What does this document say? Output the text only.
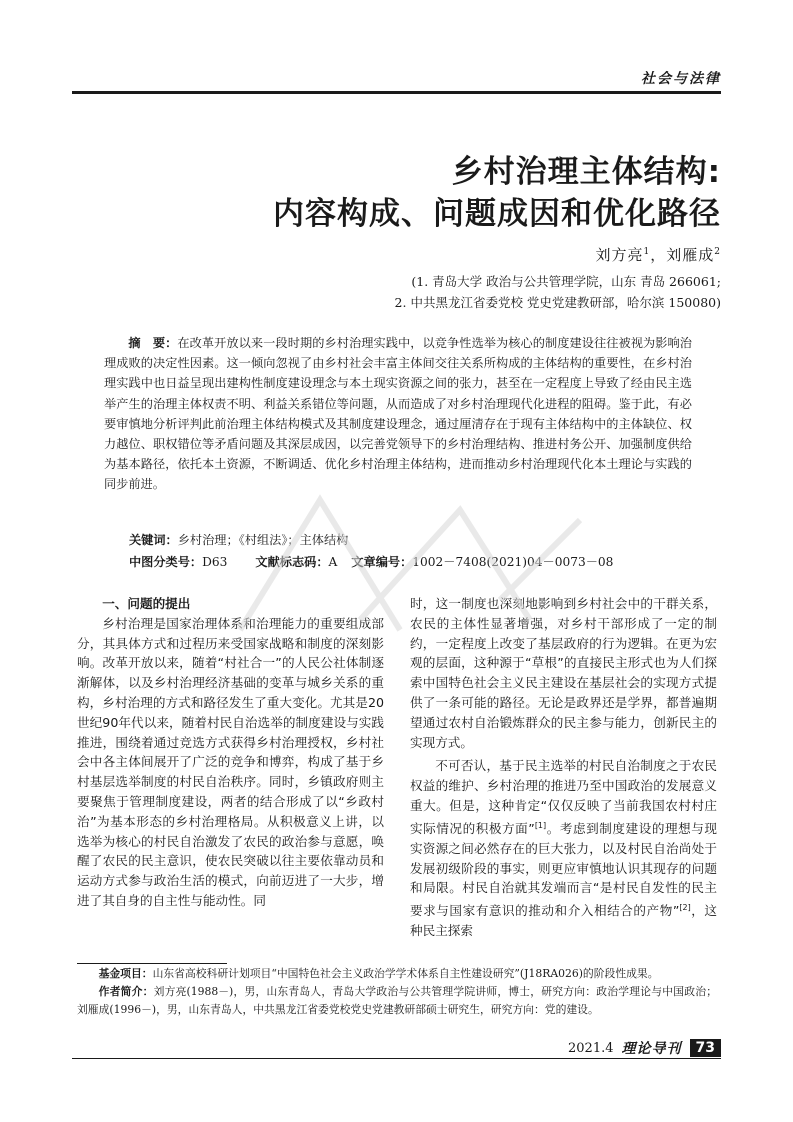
社会与法律
乡村治理主体结构:
内容构成、问题成因和优化路径
刘方亮$^1$，刘雁成$^2$
(1. 青岛大学 政治与公共管理学院，山东 青岛 266061;
2. 中共黑龙江省委党校 党史党建教研部，哈尔滨 150080)

摘　要：在改革开放以来一段时期的乡村治理实践中，以竞争性选举为核心的制度建设往往被视为影响治理成败的决定性因素。这一倾向忽视了由乡村社会丰富主体间交往关系所构成的主体结构的重要性，在乡村治理实践中也日益呈现出建构性制度建设理念与本土现实资源之间的张力，甚至在一定程度上导致了经由民主选举产生的治理主体权责不明、利益关系错位等问题，从而造成了对乡村治理现代化进程的阻碍。鉴于此，有必要审慎地分析评判此前治理主体结构模式及其制度建设理念，通过厘清存在于现有主体结构中的主体缺位、权力越位、职权错位等矛盾问题及其深层成因，以完善党领导下的乡村治理结构、推进村务公开、加强制度供给为基本路径，依托本土资源，不断调适、优化乡村治理主体结构，进而推动乡村治理现代化本土理论与实践的同步前进。

关键词：乡村治理；《村组法》；主体结构
中图分类号：D63 文献标志码：A 文章编号：1002－7408(2021)04－0073－08
一、问题的提出

乡村治理是国家治理体系和治理能力的重要组成部分，其具体方式和过程历来受国家战略和制度的深刻影响。改革开放以来，随着“村社合一”的人民公社体制逐渐解体，以及乡村治理经济基础的变革与城乡关系的重构，乡村治理的方式和路径发生了重大变化。尤其是20世纪90年代以来，随着村民自治选举的制度建设与实践推进，围绕着通过竞选方式获得乡村治理授权，乡村社会中各主体间展开了广泛的竞争和博弈，构成了基于乡村基层选举制度的村民自治秩序。同时，乡镇政府则主要聚焦于管理制度建设，两者的结合形成了以“乡政村治”为基本形态的乡村治理格局。从积极意义上讲，以选举为核心的村民自治激发了农民的政治参与意愿，唤醒了农民的民主意识，使农民突破以往主要依靠动员和运动方式参与政治生活的模式，向前迈进了一大步，增进了其自身的自主性与能动性。同

时，这一制度也深刻地影响到乡村社会中的干群关系，农民的主体性显著增强，对乡村干部形成了一定的制约，一定程度上改变了基层政府的行为逻辑。在更为宏观的层面，这种源于“草根”的直接民主形式也为人们探索中国特色社会主义民主建设在基层社会的实现方式提供了一条可能的路径。无论是政界还是学界，都普遍期望通过农村自治锻炼群众的民主参与能力，创新民主的实现方式。

不可否认，基于民主选举的村民自治制度之于农民权益的维护、乡村治理的推进乃至中国政治的发展意义重大。但是，这种肯定“仅仅反映了当前我国农村村庄实际情况的积极方面”[1]。考虑到制度建设的理想与现实资源之间必然存在的巨大张力，以及村民自治尚处于发展初级阶段的事实，则更应审慎地认识其现存的问题和局限。村民自治就其发端而言“是村民自发性的民主要求与国家有意识的推动和介入相结合的产物”[2]，这种民主探索

基金项目：山东省高校科研计划项目“中国特色社会主义政治学学术体系自主性建设研究”(J18RA026)的阶段性成果。

作者简介：刘方亮(1988－)，男，山东青岛人，青岛大学政治与公共管理学院讲师，博士，研究方向：政治学理论与中国政治；刘雁成(1996－)，男，山东青岛人，中共黑龙江省委党校党史党建教研部硕士研究生，研究方向：党的建设。

2021.4 理论导刊	73
